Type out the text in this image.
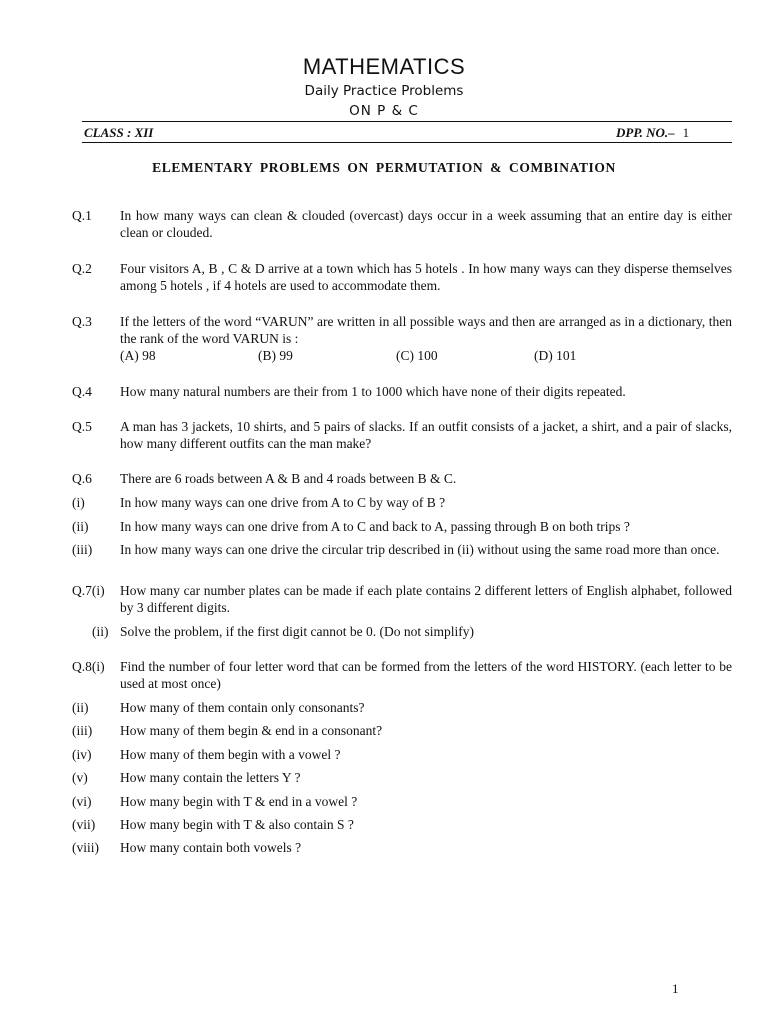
MATHEMATICS
Daily Practice Problems
ON P & C
CLASS : XII	DPP. NO.– 1
ELEMENTARY PROBLEMS ON PERMUTATION & COMBINATION
Q.1 In how many ways can clean & clouded (overcast) days occur in a week assuming that an entire day is either clean or clouded.
Q.2 Four visitors A, B , C & D arrive at a town which has 5 hotels . In how many ways can they disperse themselves among 5 hotels , if 4 hotels are used to accommodate them.
Q.3 If the letters of the word “VARUN” are written in all possible ways and then are arranged as in a dictionary, then the rank of the word VARUN is :
(A) 98	(B) 99	(C) 100	(D) 101
Q.4 How many natural numbers are their from 1 to 1000 which have none of their digits repeated.
Q.5 A man has 3 jackets, 10 shirts, and 5 pairs of slacks. If an outfit consists of a jacket, a shirt, and a pair of slacks, how many different outfits can the man make?
Q.6 There are 6 roads between A & B and 4 roads between B & C.
(i)	In how many ways can one drive from A to C by way of B ?
(ii) In how many ways can one drive from A to C and back to A, passing through B on both trips ?
(iii) In how many ways can one drive the circular trip described in (ii) without using the same road more than once.
Q.7(i) How many car number plates can be made if each plate contains 2 different letters of English alphabet, followed by 3 different digits.
(ii) Solve the problem, if the first digit cannot be 0. (Do not simplify)
Q.8(i) Find the number of four letter word that can be formed from the letters of the word HISTORY. (each letter to be used at most once)
(ii) How many of them contain only consonants?
(iii) How many of them begin & end in a consonant?
(iv) How many of them begin with a vowel ?
(v) How many contain the letters Y ?
(vi) How many begin with T & end in a vowel ?
(vii) How many begin with T & also contain S ?
(viii) How many contain both vowels ?
1
